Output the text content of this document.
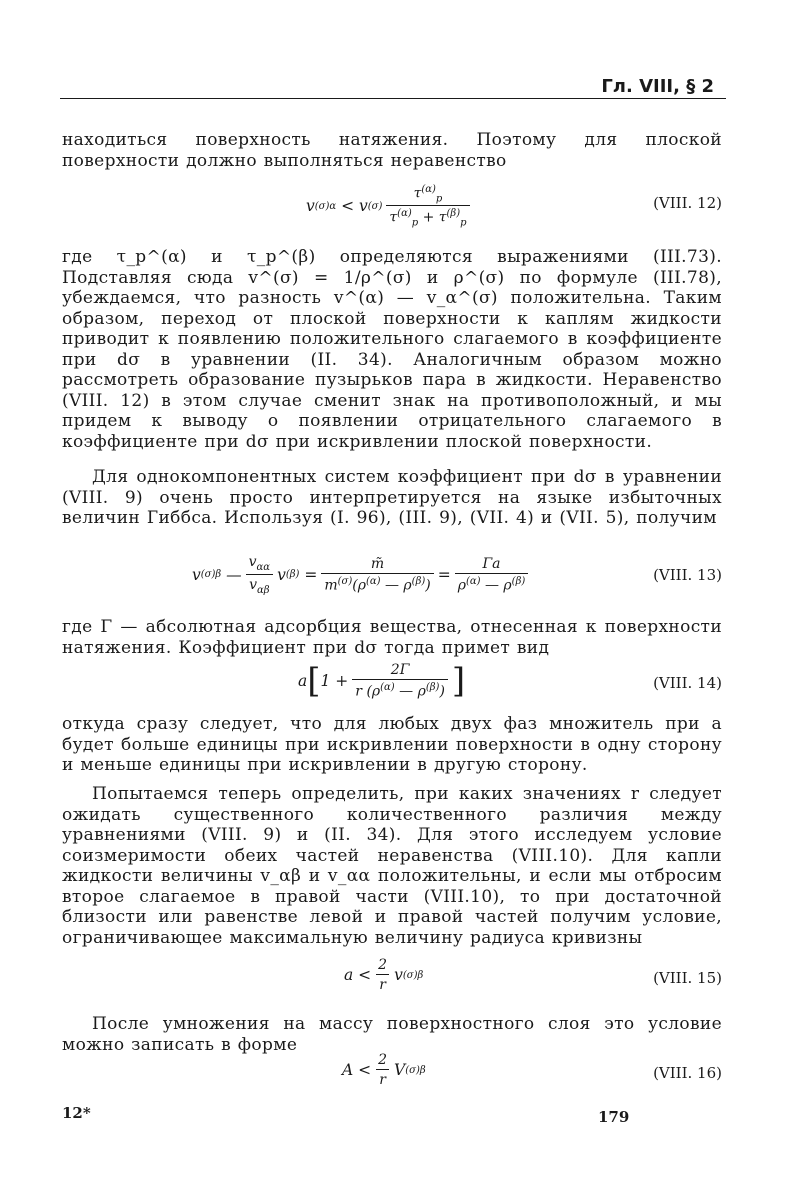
Гл. VIII, § 2
находиться поверхность натяжения. Поэтому для плоской поверхности должно выполняться неравенство
v (σ) α < v $(\sigma) \frac{\tau^{(\alpha)}_p}{\tau^{(\alpha)}_p + \tau^{(\beta)}_p}$	(VIII. 12)
где τ_p^(α) и τ_p^(β) определяются выражениями (III.73). Подставляя сюда v^(σ) = 1/ρ^(σ) и ρ^(σ) по формуле (III.78), убеждаемся, что разность v^(α) — v_α^(σ) положительна. Таким образом, переход от плоской поверхности к каплям жидкости приводит к появлению положительного слагаемого в коэффициенте при dσ в уравнении (II. 34). Аналогичным образом можно рассмотреть образование пузырьков пара в жидкости. Неравенство (VIII. 12) в этом случае сменит знак на противоположный, и мы придем к выводу о появлении отрицательного слагаемого в коэффициенте при dσ при искривлении плоской поверхности.
Для однокомпонентных систем коэффициент при dσ в уравнении (VIII. 9) очень просто интерпретируется на языке избыточных величин Гиббса. Используя (I. 96), (III. 9), (VII. 4) и (VII. 5), получим
v (σ) β — $\frac{v_{\alpha\alpha}}{v_{\alpha\beta}}$ v $(\beta) = \frac{m̃}{m^{(\sigma)}(\rho^{(\alpha)} — \rho^{(\beta)})} = \frac{\Gamma a}{\rho^{(\alpha)} — \rho^{(\beta)}}$	(VIII. 13)
где Γ — абсолютная адсорбция вещества, отнесенная к поверхности натяжения. Коэффициент при dσ тогда примет вид
a [ $1 + \frac{2\Gamma}{r (\rho^{(\alpha)} — \rho^{(\beta)})}$ ]	(VIII. 14)
откуда сразу следует, что для любых двух фаз множитель при a будет больше единицы при искривлении поверхности в одну сторону и меньше единицы при искривлении в другую сторону.
Попытаемся теперь определить, при каких значениях r следует ожидать существенного количественного различия между уравнениями (VIII. 9) и (II. 34). Для этого исследуем условие соизмеримости обеих частей неравенства (VIII.10). Для капли жидкости величины v_αβ и v_αα положительны, и если мы отбросим второе слагаемое в правой части (VIII.10), то при достаточной близости или равенстве левой и правой частей получим условие, ограничивающее максимальную величину радиуса кривизны
$a < \frac{2}{r}$ v (σ) β	(VIII. 15)
После умножения на массу поверхностного слоя это условие можно записать в форме
$A < \frac{2}{r}$ V (σ) β	(VIII. 16)
12*	179
